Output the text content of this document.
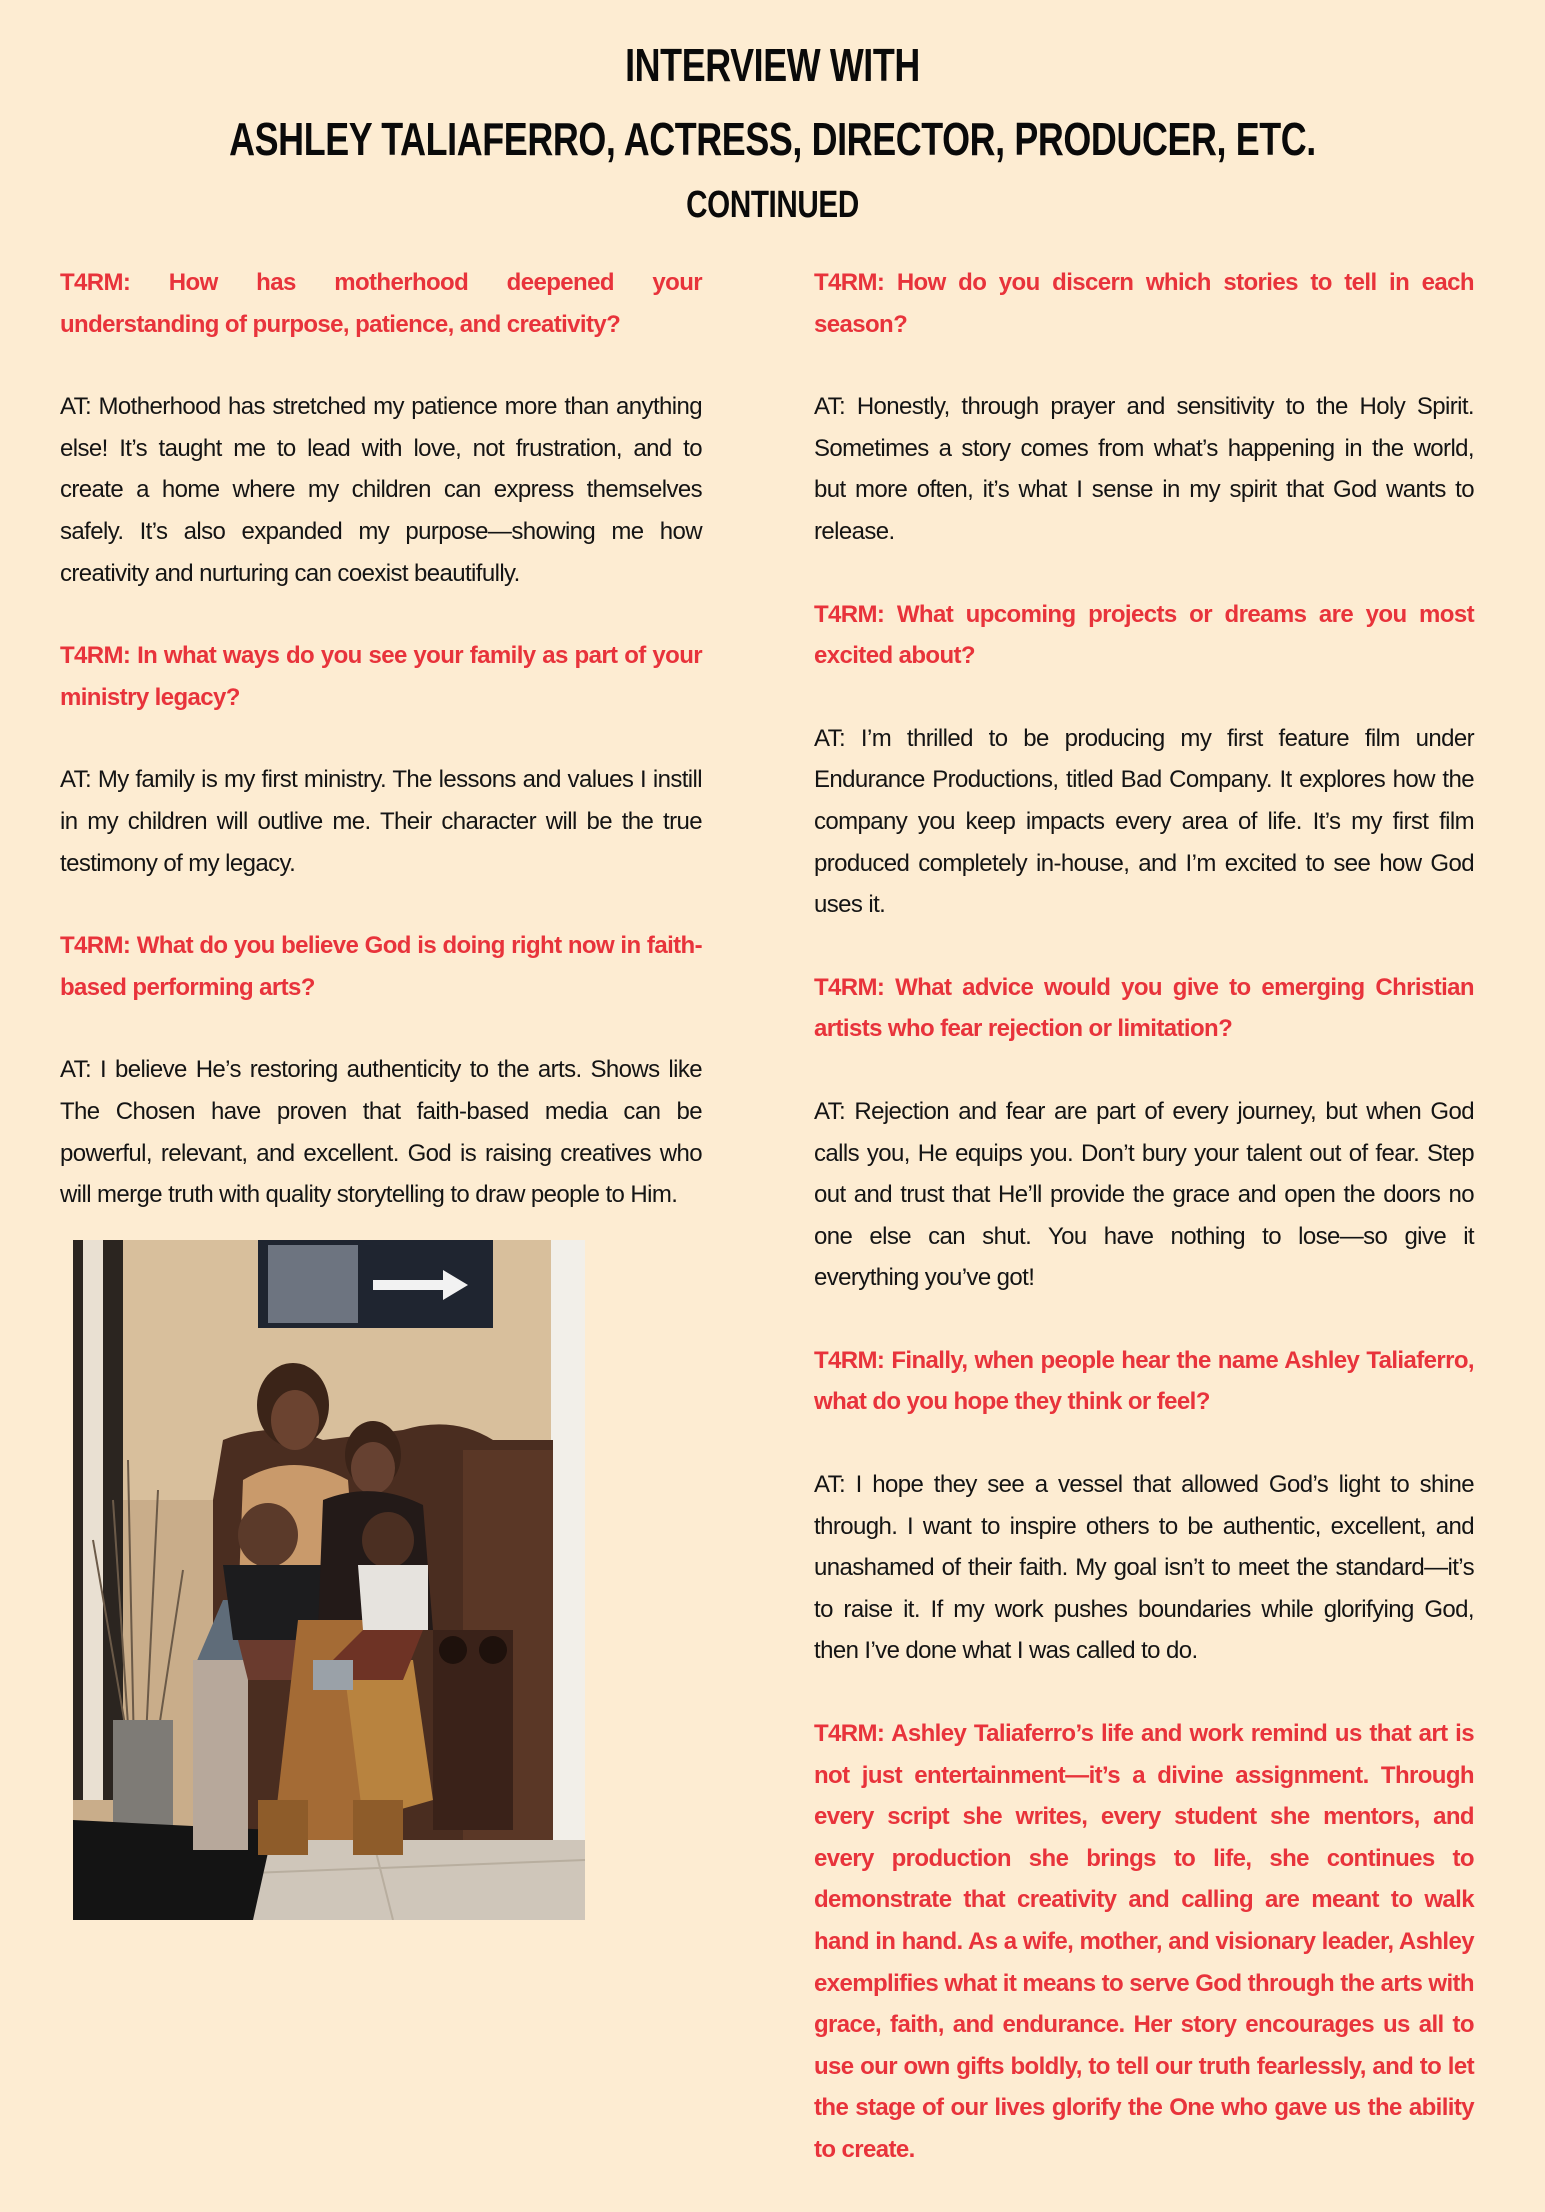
INTERVIEW WITH
ASHLEY TALIAFERRO, ACTRESS, DIRECTOR, PRODUCER, ETC.
CONTINUED

T4RM: How has motherhood deepened your understanding of purpose, patience, and creativity?

AT: Motherhood has stretched my patience more than anything else! It’s taught me to lead with love, not frustration, and to create a home where my children can express themselves safely. It’s also expanded my purpose—showing me how creativity and nurturing can coexist beautifully.

T4RM: In what ways do you see your family as part of your ministry legacy?

AT: My family is my first ministry. The lessons and values I instill in my children will outlive me. Their character will be the true testimony of my legacy.

T4RM: What do you believe God is doing right now in faith-based performing arts?

AT: I believe He’s restoring authenticity to the arts. Shows like The Chosen have proven that faith-based media can be powerful, relevant, and excellent. God is raising creatives who will merge truth with quality storytelling to draw people to Him.

T4RM: How do you discern which stories to tell in each season?

AT: Honestly, through prayer and sensitivity to the Holy Spirit. Sometimes a story comes from what’s happening in the world, but more often, it’s what I sense in my spirit that God wants to release.

T4RM: What upcoming projects or dreams are you most excited about?

AT: I’m thrilled to be producing my first feature film under Endurance Productions, titled Bad Company. It explores how the company you keep impacts every area of life. It’s my first film produced completely in-house, and I’m excited to see how God uses it.

T4RM: What advice would you give to emerging Christian artists who fear rejection or limitation?

AT: Rejection and fear are part of every journey, but when God calls you, He equips you. Don’t bury your talent out of fear. Step out and trust that He’ll provide the grace and open the doors no one else can shut. You have nothing to lose—so give it everything you’ve got!

T4RM: Finally, when people hear the name Ashley Taliaferro, what do you hope they think or feel?

AT: I hope they see a vessel that allowed God’s light to shine through. I want to inspire others to be authentic, excellent, and unashamed of their faith. My goal isn’t to meet the standard—it’s to raise it. If my work pushes boundaries while glorifying God, then I’ve done what I was called to do.

T4RM: Ashley Taliaferro’s life and work remind us that art is not just entertainment—it’s a divine assignment. Through every script she writes, every student she mentors, and every production she brings to life, she continues to demonstrate that creativity and calling are meant to walk hand in hand. As a wife, mother, and visionary leader, Ashley exemplifies what it means to serve God through the arts with grace, faith, and endurance. Her story encourages us all to use our own gifts boldly, to tell our truth fearlessly, and to let the stage of our lives glorify the One who gave us the ability to create.
